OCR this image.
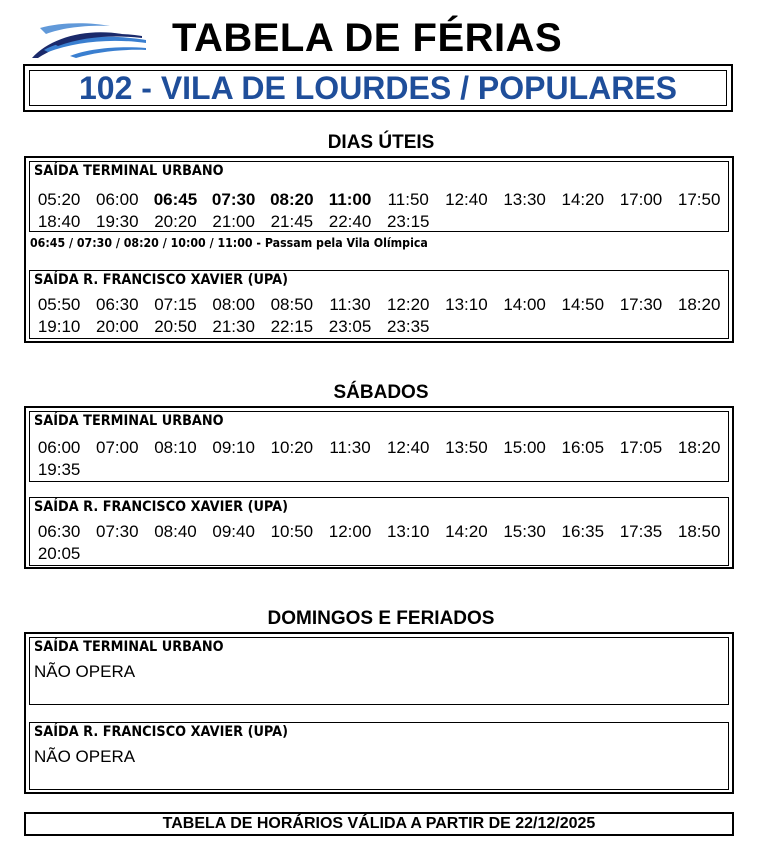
TABELA DE FÉRIAS
102 - VILA DE LOURDES / POPULARES
DIAS ÚTEIS
SAÍDA TERMINAL URBANO
05:20 06:00 06:45 07:30 08:20 11:00 11:50 12:40 13:30 14:20 17:00 17:50
18:40 19:30 20:20 21:00 21:45 22:40 23:15
06:45 / 07:30 / 08:20 / 10:00 / 11:00 - Passam pela Vila Olímpica
SAÍDA R. FRANCISCO XAVIER (UPA)
05:50 06:30 07:15 08:00 08:50 11:30 12:20 13:10 14:00 14:50 17:30 18:20
19:10 20:00 20:50 21:30 22:15 23:05 23:35
SÁBADOS
SAÍDA TERMINAL URBANO
06:00 07:00 08:10 09:10 10:20 11:30 12:40 13:50 15:00 16:05 17:05 18:20
19:35
SAÍDA R. FRANCISCO XAVIER (UPA)
06:30 07:30 08:40 09:40 10:50 12:00 13:10 14:20 15:30 16:35 17:35 18:50
20:05
DOMINGOS E FERIADOS
SAÍDA TERMINAL URBANO
NÃO OPERA
SAÍDA R. FRANCISCO XAVIER (UPA)
NÃO OPERA
TABELA DE HORÁRIOS VÁLIDA A PARTIR DE 22/12/2025
